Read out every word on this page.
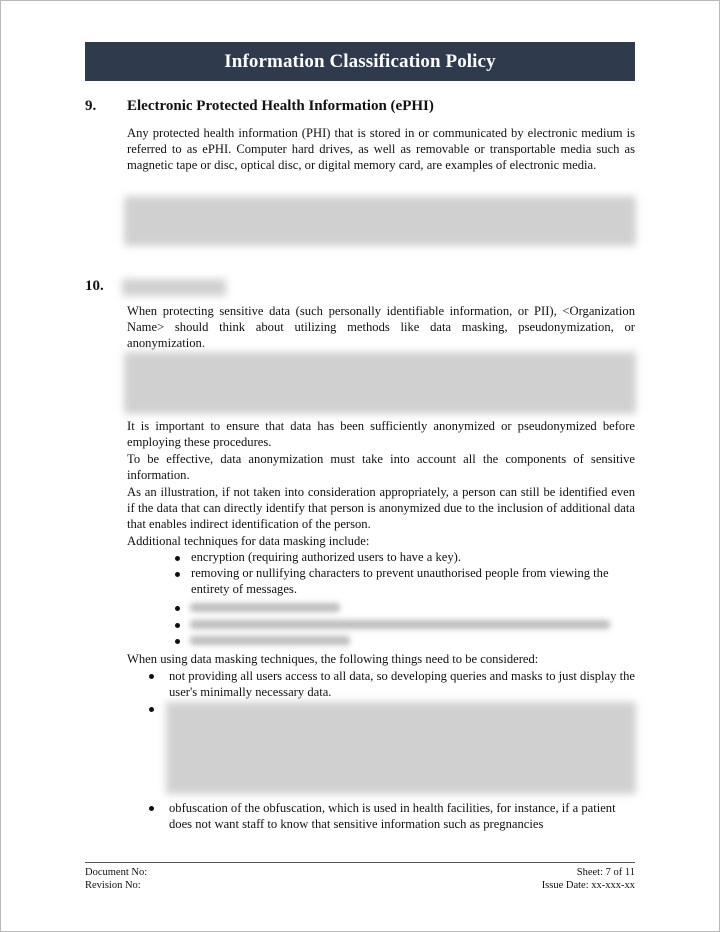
Information Classification Policy
9. Electronic Protected Health Information (ePHI)

Any protected health information (PHI) that is stored in or communicated by electronic medium is referred to as ePHI. Computer hard drives, as well as removable or transportable media such as magnetic tape or disc, optical disc, or digital memory card, are examples of electronic media.

10.

When protecting sensitive data (such personally identifiable information, or PII), <Organization Name> should think about utilizing methods like data masking, pseudonymization, or anonymization.

It is important to ensure that data has been sufficiently anonymized or pseudonymized before employing these procedures.

To be effective, data anonymization must take into account all the components of sensitive information.

As an illustration, if not taken into consideration appropriately, a person can still be identified even if the data that can directly identify that person is anonymized due to the inclusion of additional data that enables indirect identification of the person.

Additional techniques for data masking include:

encryption (requiring authorized users to have a key).

removing or nullifying characters to prevent unauthorised people from viewing the entirety of messages.

When using data masking techniques, the following things need to be considered:

not providing all users access to all data, so developing queries and masks to just display the user's minimally necessary data.

obfuscation of the obfuscation, which is used in health facilities, for instance, if a patient does not want staff to know that sensitive information such as pregnancies

Document No:
Revision No:
Sheet: 7 of 11
Issue Date: xx-xxx-xx
